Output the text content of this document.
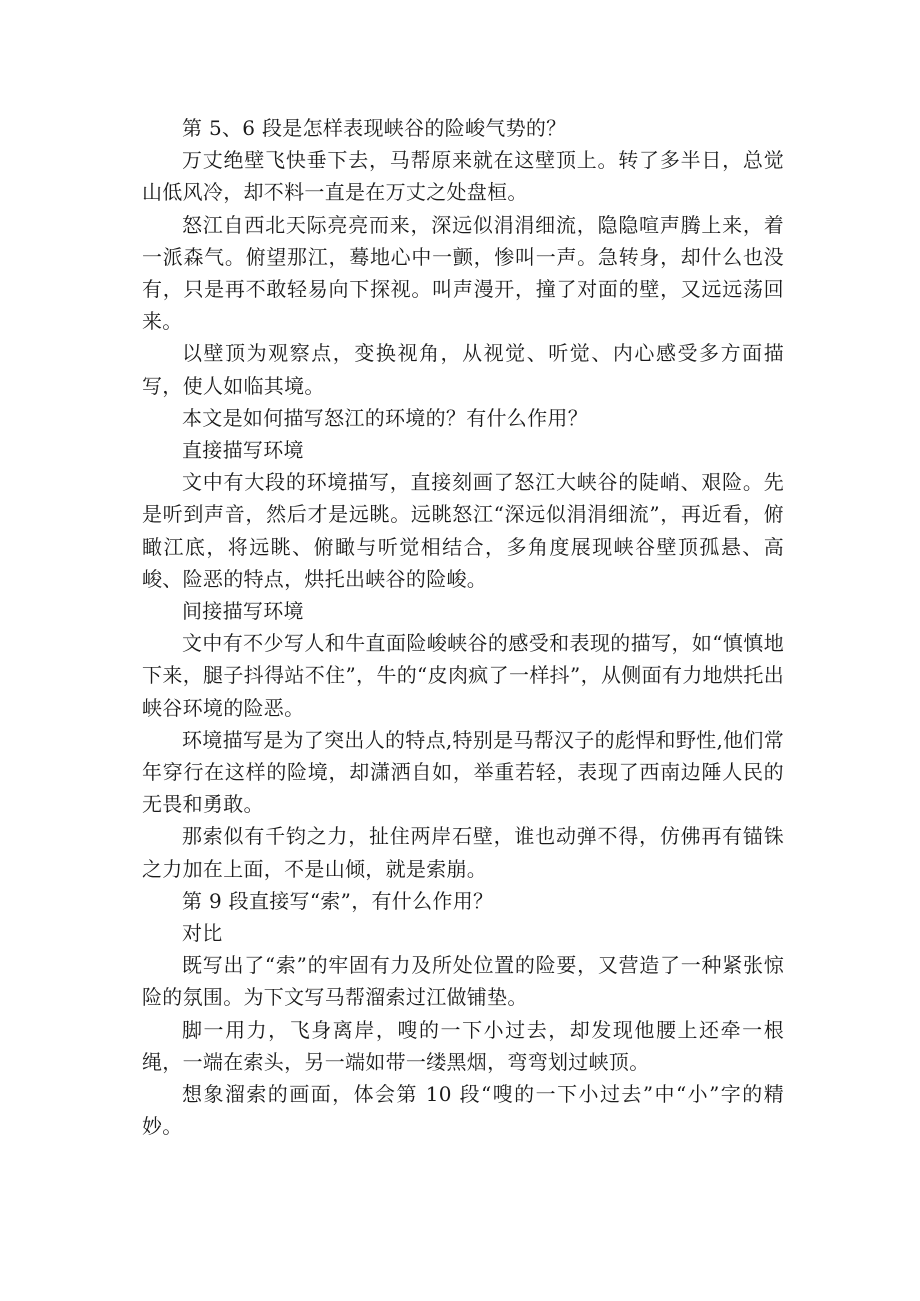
第 5、6 段是怎样表现峡谷的险峻气势的？

万丈绝壁飞快垂下去，马帮原来就在这壁顶上。转了多半日，总觉山低风冷，却不料一直是在万丈之处盘桓。

怒江自西北天际亮亮而来，深远似涓涓细流，隐隐喧声腾上来，着一派森气。俯望那江，蓦地心中一颤，惨叫一声。急转身，却什么也没有，只是再不敢轻易向下探视。叫声漫开，撞了对面的壁，又远远荡回来。

以壁顶为观察点，变换视角，从视觉、听觉、内心感受多方面描写，使人如临其境。

本文是如何描写怒江的环境的？有什么作用？

直接描写环境

文中有大段的环境描写，直接刻画了怒江大峡谷的陡峭、艰险。先是听到声音，然后才是远眺。远眺怒江“深远似涓涓细流”，再近看，俯瞰江底，将远眺、俯瞰与听觉相结合，多角度展现峡谷壁顶孤悬、高峻、险恶的特点，烘托出峡谷的险峻。

间接描写环境

文中有不少写人和牛直面险峻峡谷的感受和表现的描写，如“慎慎地下来，腿子抖得站不住”，牛的“皮肉疯了一样抖”，从侧面有力地烘托出峡谷环境的险恶。

环境描写是为了突出人的特点,特别是马帮汉子的彪悍和野性,他们常年穿行在这样的险境，却潇洒自如，举重若轻，表现了西南边陲人民的无畏和勇敢。

那索似有千钧之力，扯住两岸石壁，谁也动弹不得，仿佛再有锚铢之力加在上面，不是山倾，就是索崩。

第 9 段直接写“索”，有什么作用？

对比

既写出了“索”的牢固有力及所处位置的险要，又营造了一种紧张惊险的氛围。为下文写马帮溜索过江做铺垫。

脚一用力，飞身离岸，嗖的一下小过去，却发现他腰上还牵一根绳，一端在索头，另一端如带一缕黑烟，弯弯划过峡顶。

想象溜索的画面，体会第 10 段“嗖的一下小过去”中“小”字的精妙。
